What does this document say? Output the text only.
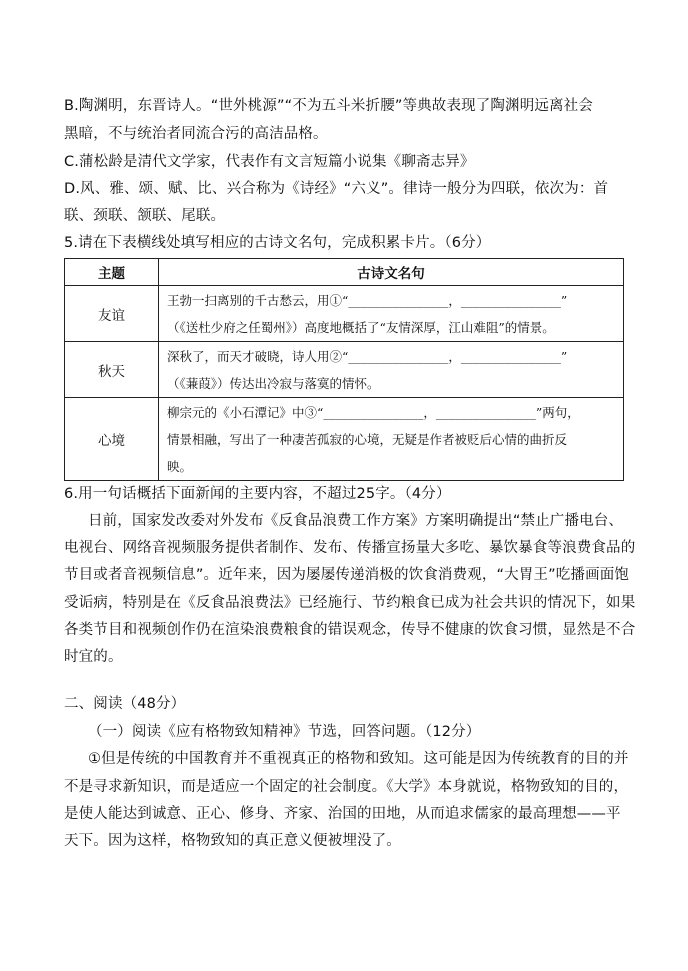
B.陶渊明，东晋诗人。“世外桃源”“不为五斗米折腰”等典故表现了陶渊明远离社会
黑暗，不与统治者同流合污的高洁品格。
C.蒲松龄是清代文学家，代表作有文言短篇小说集《聊斋志异》
D.风、雅、颂、赋、比、兴合称为《诗经》“六义”。律诗一般分为四联，依次为：首
联、颈联、颔联、尾联。
5.请在下表横线处填写相应的古诗文名句，完成积累卡片。（6分）
主题	古诗文名句
友谊	王勃一扫离别的千古愁云，用①“________________，________________”
（《送杜少府之任蜀州》）高度地概括了“友情深厚，江山难阻”的情景。

秋天	深秋了，而天才破晓，诗人用②“________________，________________”
（《蒹葭》）传达出冷寂与落寞的情怀。

心境	柳宗元的《小石潭记》中③“________________，________________”两句，
情景相融，写出了一种凄苦孤寂的心境，无疑是作者被贬后心情的曲折反
映。
6.用一句话概括下面新闻的主要内容，不超过25字。（4分）
日前，国家发改委对外发布《反食品浪费工作方案》方案明确提出“禁止广播电台、
电视台、网络音视频服务提供者制作、发布、传播宣扬量大多吃、暴饮暴食等浪费食品的
节目或者音视频信息”。近年来，因为屡屡传递消极的饮食消费观，“大胃王”吃播画面饱
受诟病，特别是在《反食品浪费法》已经施行、节约粮食已成为社会共识的情况下，如果
各类节目和视频创作仍在渲染浪费粮食的错误观念，传导不健康的饮食习惯，显然是不合
时宜的。
二、阅读（48分）
（一）阅读《应有格物致知精神》节选，回答问题。（12分）
①但是传统的中国教育并不重视真正的格物和致知。这可能是因为传统教育的目的并
不是寻求新知识，而是适应一个固定的社会制度。《大学》本身就说，格物致知的目的，
是使人能达到诚意、正心、修身、齐家、治国的田地，从而追求儒家的最高理想——平
天下。因为这样，格物致知的真正意义便被埋没了。
